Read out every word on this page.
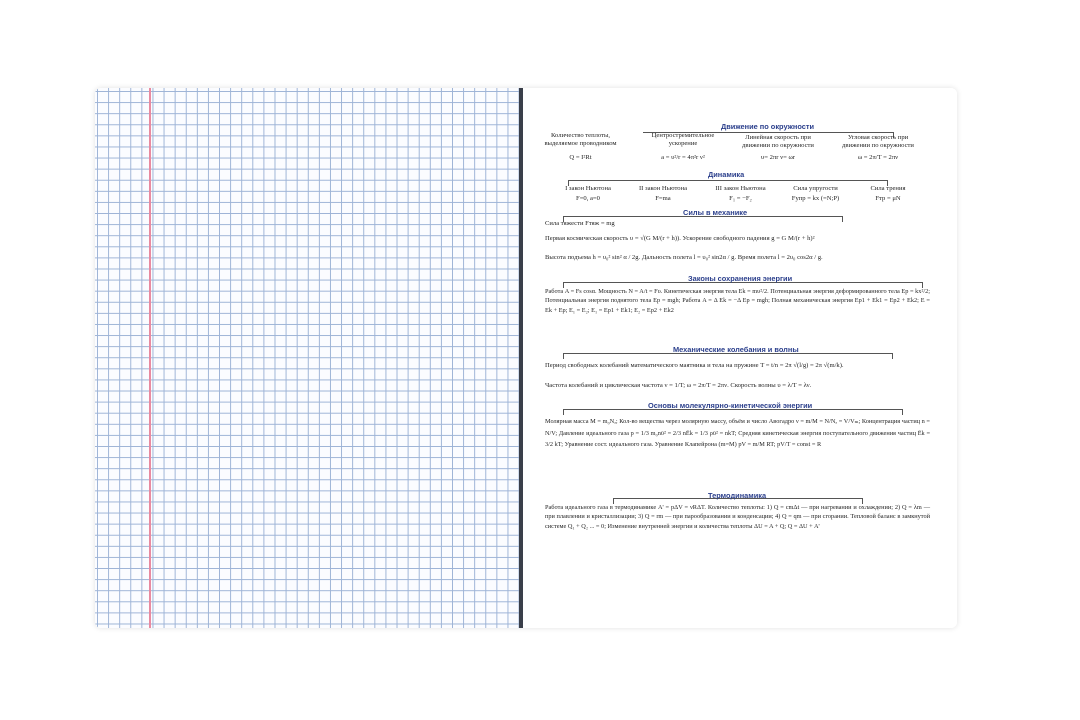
Движение по окружности
Количество теплоты,
выделяемое проводником
Q = I²Rt
Центростремительное
ускорение
a = υ²/r = 4π²r ν²
Линейная скорость при
движении по окружности
υ= 2πr ν= ωr
Угловая скорость при
движении по окружности
ω = 2π/T = 2πν
Динамика
I закон Ньютона
F=0, a=0
II закон Ньютона
F=ma
III закон Ньютона
F₁ = −F₂
Сила упругости
Fупр = kx (=N;P)
Сила трения
Fтр = μN
Силы в механике
Сила тяжести Fтяж = mg
Первая космическая скорость υ = √(G M/(r + h)). Ускорение свободного падения g = G M/(r + h)²
Высота подъема h = υ₀² sin² α / 2g. Дальность полета l = υ₀² sin2α / g. Время полета l = 2υ₀ cos2α / g.
Законы сохранения энергии
Работа A = Fs cosα. Мощность N = A/t = Fυ. Кинетическая энергия тела Ek = mυ²/2. Потенциальная энергия деформированного тела Ep = kx²/2; Потенциальная энергия поднятого тела Ep = mgh; Работа A = Δ Ek = −Δ Ep = mgh; Полная механическая энергия Ep1 + Ek1 = Ep2 + Ek2; E = Ek + Ep; E₁ = E₂; E₁ = Ep1 + Ek1; E₂ = Ep2 + Ek2
Механические колебания и волны
Период свободных колебаний математического маятника и тела на пружине T = t/n = 2π √(l/g) = 2π √(m/k).
Частота колебаний и циклическая частота ν = 1/T; ω = 2π/T = 2πν. Скорость волны υ = λ/T = λν.
Основы молекулярно-кинетической энергии
Молярная масса M = m₀Nₐ; Кол-во вещества через молярную массу, объём и число Авогадро ν = m/M = N/Nₐ = V/Vₘ; Концентрация частиц n = N/V; Давление идеального газа p = 1/3 m₀nῡ² = 2/3 nĒk = 1/3 ρῡ² = nkT; Средняя кинетическая энергия поступательного движения частиц Ēk = 3/2 kT; Уравнение сост. идеального газа. Уравнение Клапейрона (m=M) pV = m/M RT; pV/T = const = R
Термодинамика
Работа идеального газа в термодинамике A' = pΔV = νRΔT. Количество теплоты: 1) Q = cmΔt — при нагревании и охлаждении; 2) Q = λm — при плавлении и кристаллизации; 3) Q = rm — при парообразовании и конденсации; 4) Q = qm — при сгорании. Тепловой баланс в замкнутой системе Q₁ + Q₂ ... = 0; Изменение внутренней энергии и количества теплоты ΔU = A + Q; Q = ΔU + A'
